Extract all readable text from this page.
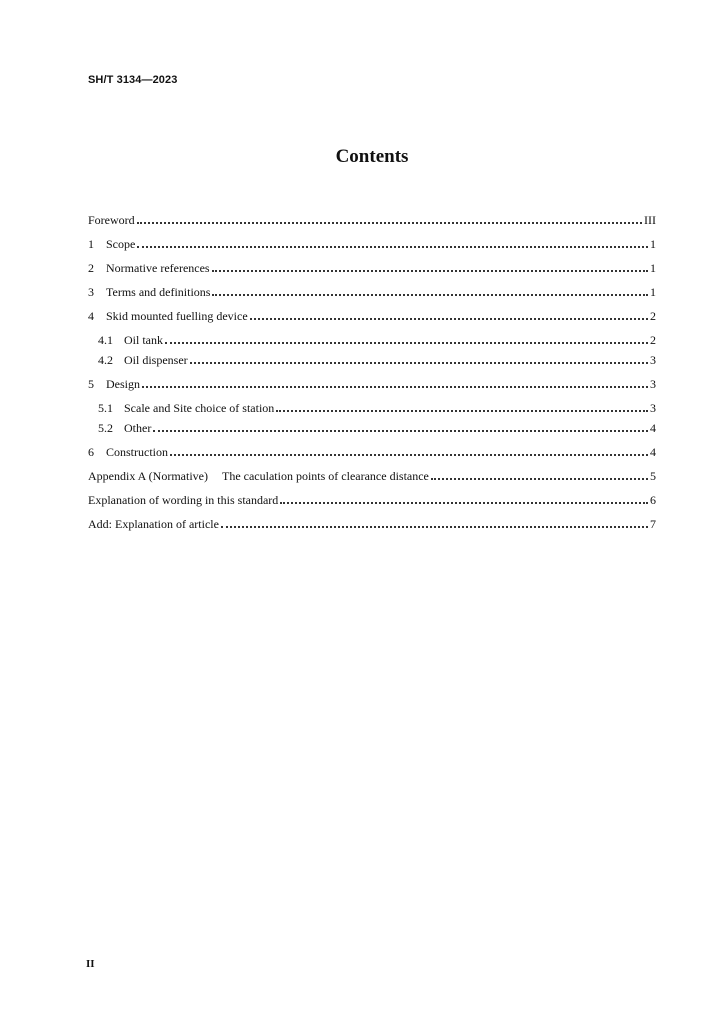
SH/T 3134—2023
Contents
Foreword	III
1	Scope	1
2	Normative references	1
3	Terms and definitions	1
4	Skid mounted fuelling device	2
4.1 Oil tank	2
4.2 Oil dispenser	3
5	Design	3
5.1 Scale and Site choice of station	3
5.2 Other	4
6	Construction	4
Appendix A (Normative) The caculation points of clearance distance	5
Explanation of wording in this standard	6
Add: Explanation of article	7
II
